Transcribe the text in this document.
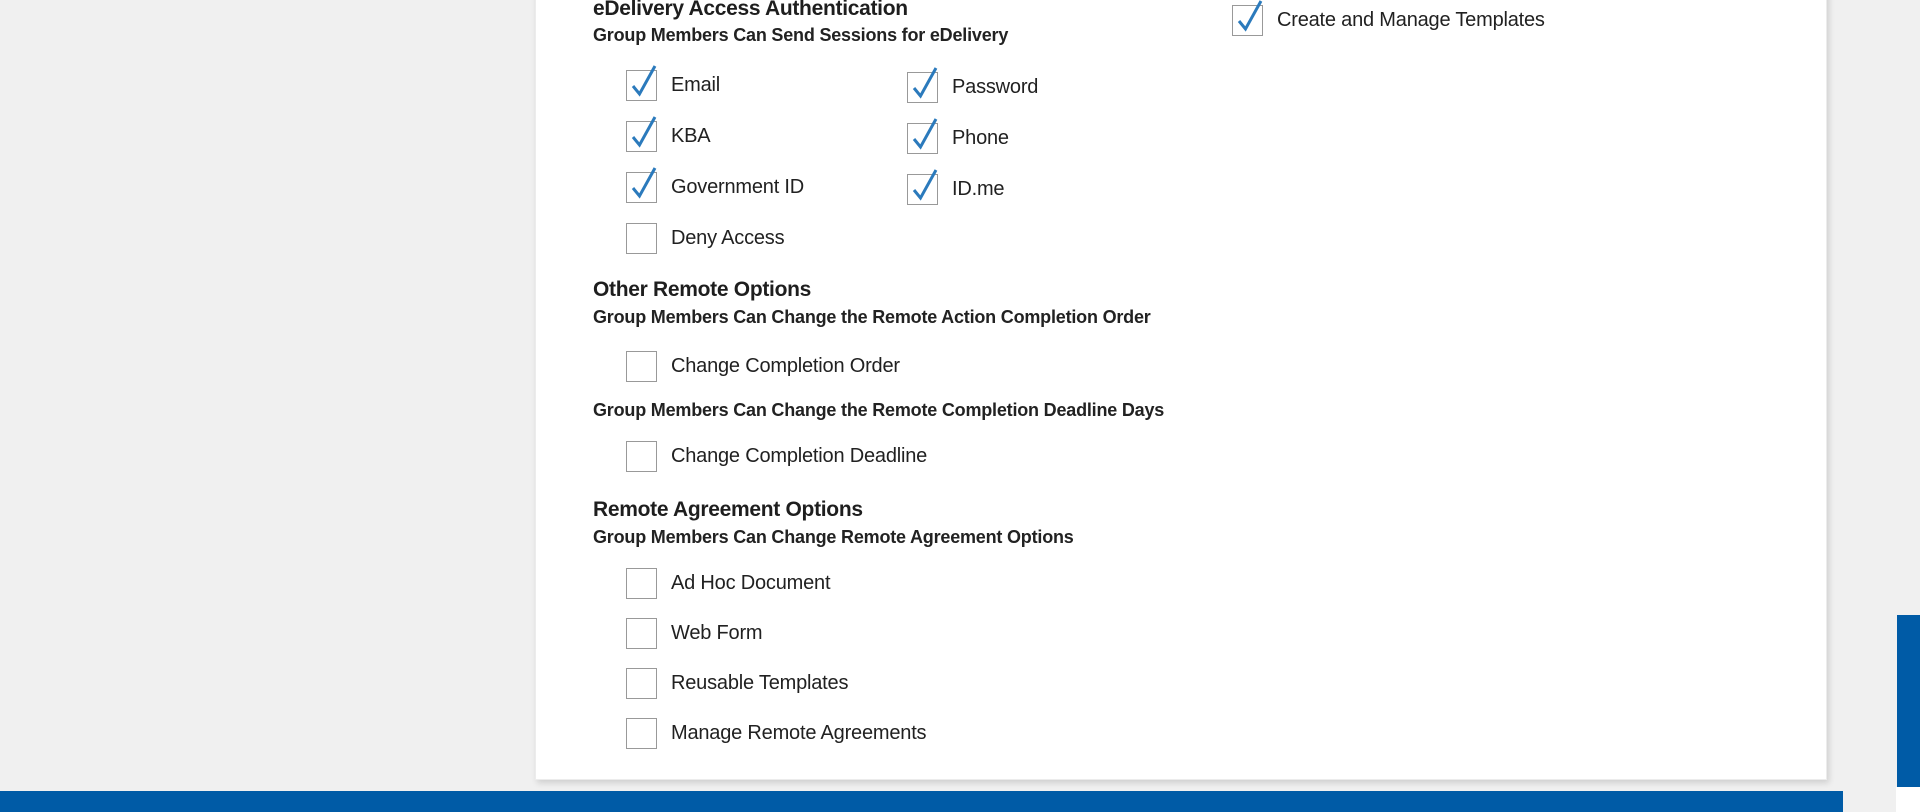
eDelivery Access Authentication
Group Members Can Send Sessions for eDelivery
Email
KBA
Government ID
Deny Access
Password
Phone
ID.me
Other Remote Options
Group Members Can Change the Remote Action Completion Order
Change Completion Order
Group Members Can Change the Remote Completion Deadline Days
Change Completion Deadline
Remote Agreement Options
Group Members Can Change Remote Agreement Options
Ad Hoc Document
Web Form
Reusable Templates
Manage Remote Agreements
Create and Manage Templates
